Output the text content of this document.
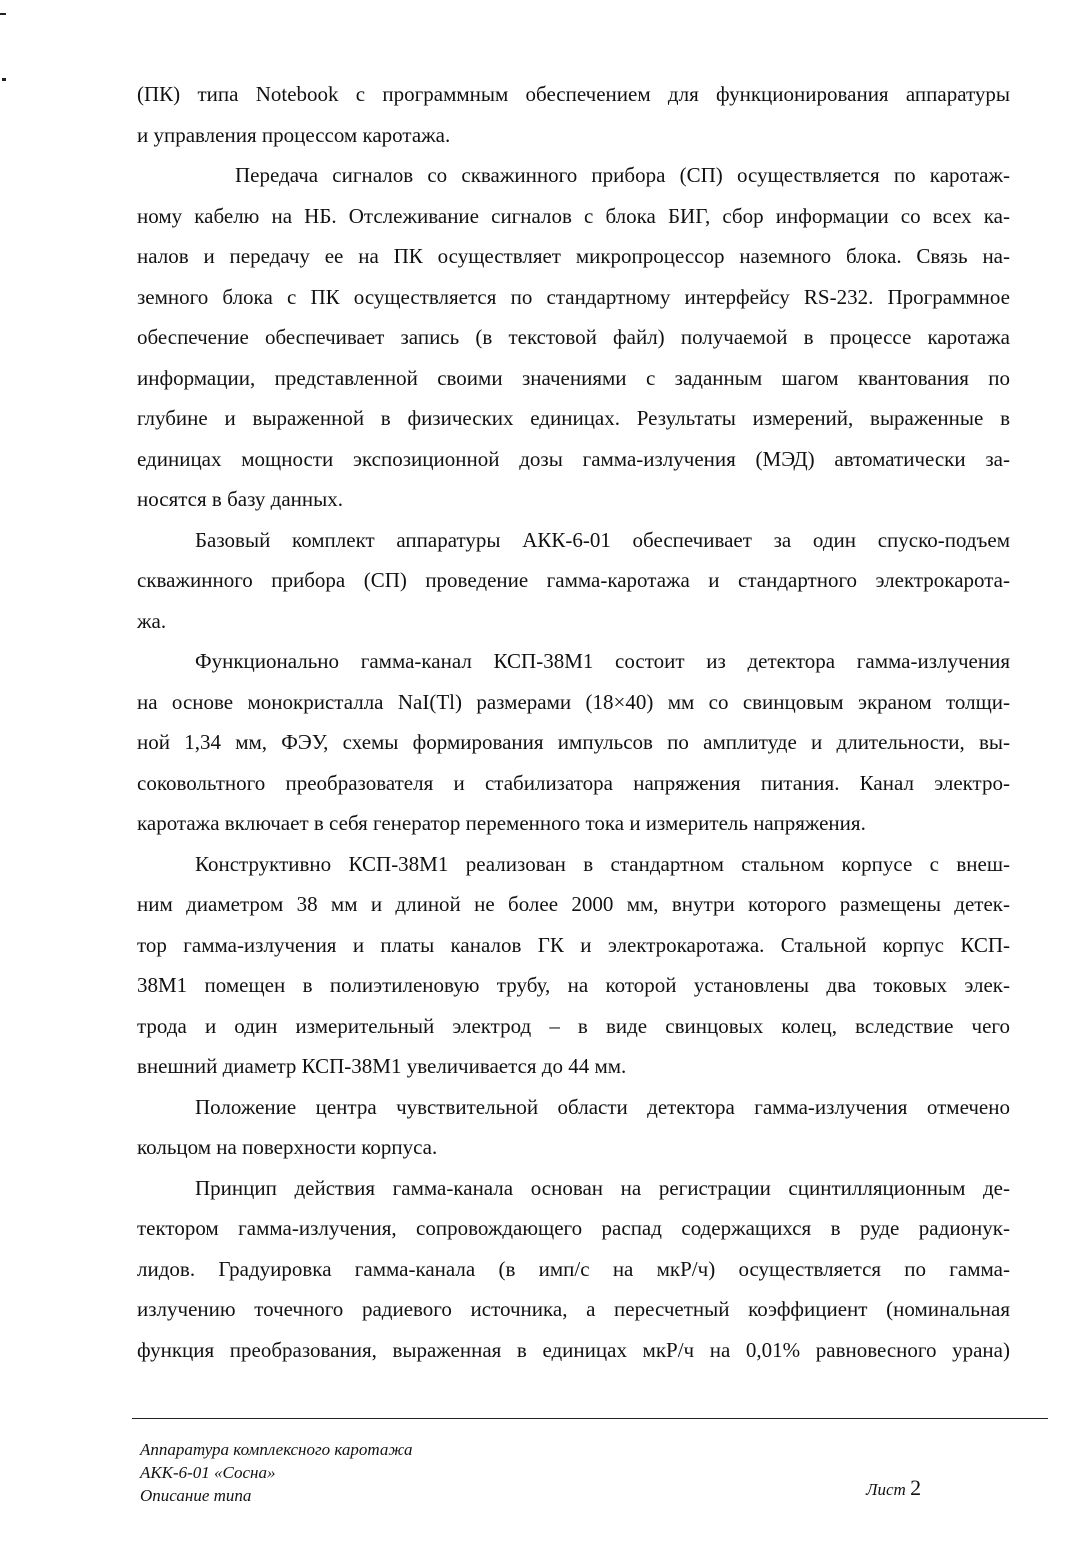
(ПК) типа Notebook с программным обеспечением для функционирования аппаратуры
и управления процессом каротажа.

Передача сигналов со скважинного прибора (СП) осуществляется по каротаж-
ному кабелю на НБ. Отслеживание сигналов с блока БИГ, сбор информации со всех ка-
налов и передачу ее на ПК осуществляет микропроцессор наземного блока. Связь на-
земного блока с ПК осуществляется по стандартному интерфейсу RS-232. Программное
обеспечение обеспечивает запись (в текстовой файл) получаемой в процессе каротажа
информации, представленной своими значениями с заданным шагом квантования по
глубине и выраженной в физических единицах. Результаты измерений, выраженные в
единицах мощности экспозиционной дозы гамма-излучения (МЭД) автоматически за-
носятся в базу данных.

Базовый комплект аппаратуры АКК-6-01 обеспечивает за один спуско-подъем
скважинного прибора (СП) проведение гамма-каротажа и стандартного электрокарота-
жа.

Функционально гамма-канал КСП-38М1 состоит из детектора гамма-излучения
на основе монокристалла NaI(Tl) размерами (18×40) мм со свинцовым экраном толщи-
ной 1,34 мм, ФЭУ, схемы формирования импульсов по амплитуде и длительности, вы-
соковольтного преобразователя и стабилизатора напряжения питания. Канал электро-
каротажа включает в себя генератор переменного тока и измеритель напряжения.

Конструктивно КСП-38М1 реализован в стандартном стальном корпусе с внеш-
ним диаметром 38 мм и длиной не более 2000 мм, внутри которого размещены детек-
тор гамма-излучения и платы каналов ГК и электрокаротажа. Стальной корпус КСП-
38М1 помещен в полиэтиленовую трубу, на которой установлены два токовых элек-
трода и один измерительный электрод – в виде свинцовых колец, вследствие чего
внешний диаметр КСП-38М1 увеличивается до 44 мм.

Положение центра чувствительной области детектора гамма-излучения отмечено
кольцом на поверхности корпуса.

Принцип действия гамма-канала основан на регистрации сцинтилляционным де-
тектором гамма-излучения, сопровождающего распад содержащихся в руде радионук-
лидов. Градуировка гамма-канала (в имп/с на мкР/ч) осуществляется по гамма-
излучению точечного радиевого источника, а пересчетный коэффициент (номинальная
функция преобразования, выраженная в единицах мкР/ч на 0,01% равновесного урана)

Аппаратура комплексного каротажа
АКК-6-01 «Сосна»
Описание типа	Лист 2
